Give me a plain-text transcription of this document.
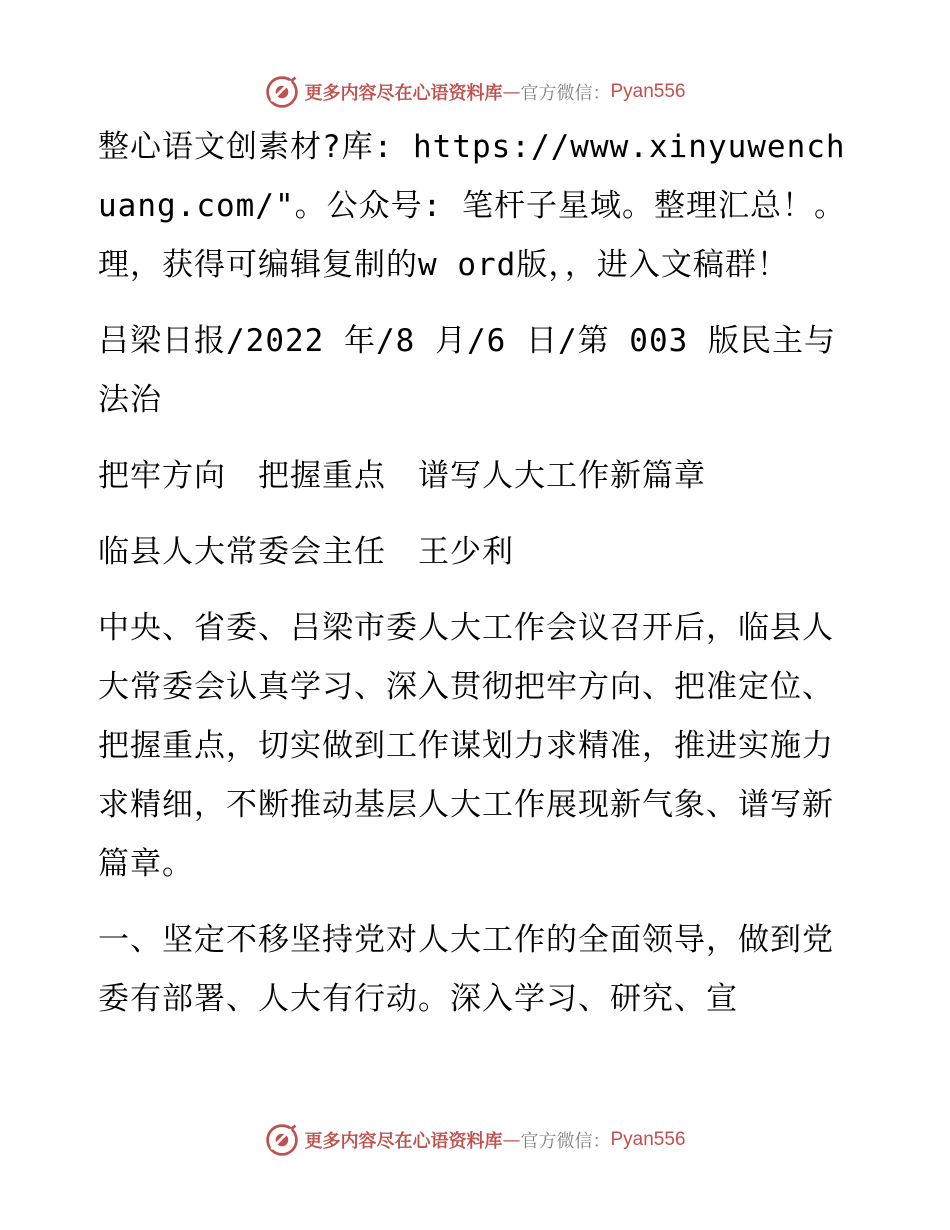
更多内容尽在心语资料库 — 官方微信： Pyan556

整心语文创素材?库: https://www.xinyuwenchuang.com/"。公众号: 笔杆子星域。整理汇总！。理，获得可编辑复制的w ord版，，进入文稿群！

吕梁日报/2022 年/8 月/6 日/第 003 版民主与法治

把牢方向　把握重点　谱写人大工作新篇章

临县人大常委会主任　王少利

中央、省委、吕梁市委人大工作会议召开后，临县人大常委会认真学习、深入贯彻把牢方向、把准定位、把握重点，切实做到工作谋划力求精准，推进实施力求精细，不断推动基层人大工作展现新气象、谱写新篇章。

一、坚定不移坚持党对人大工作的全面领导，做到党委有部署、人大有行动。深入学习、研究、宣

更多内容尽在心语资料库 — 官方微信： Pyan556
